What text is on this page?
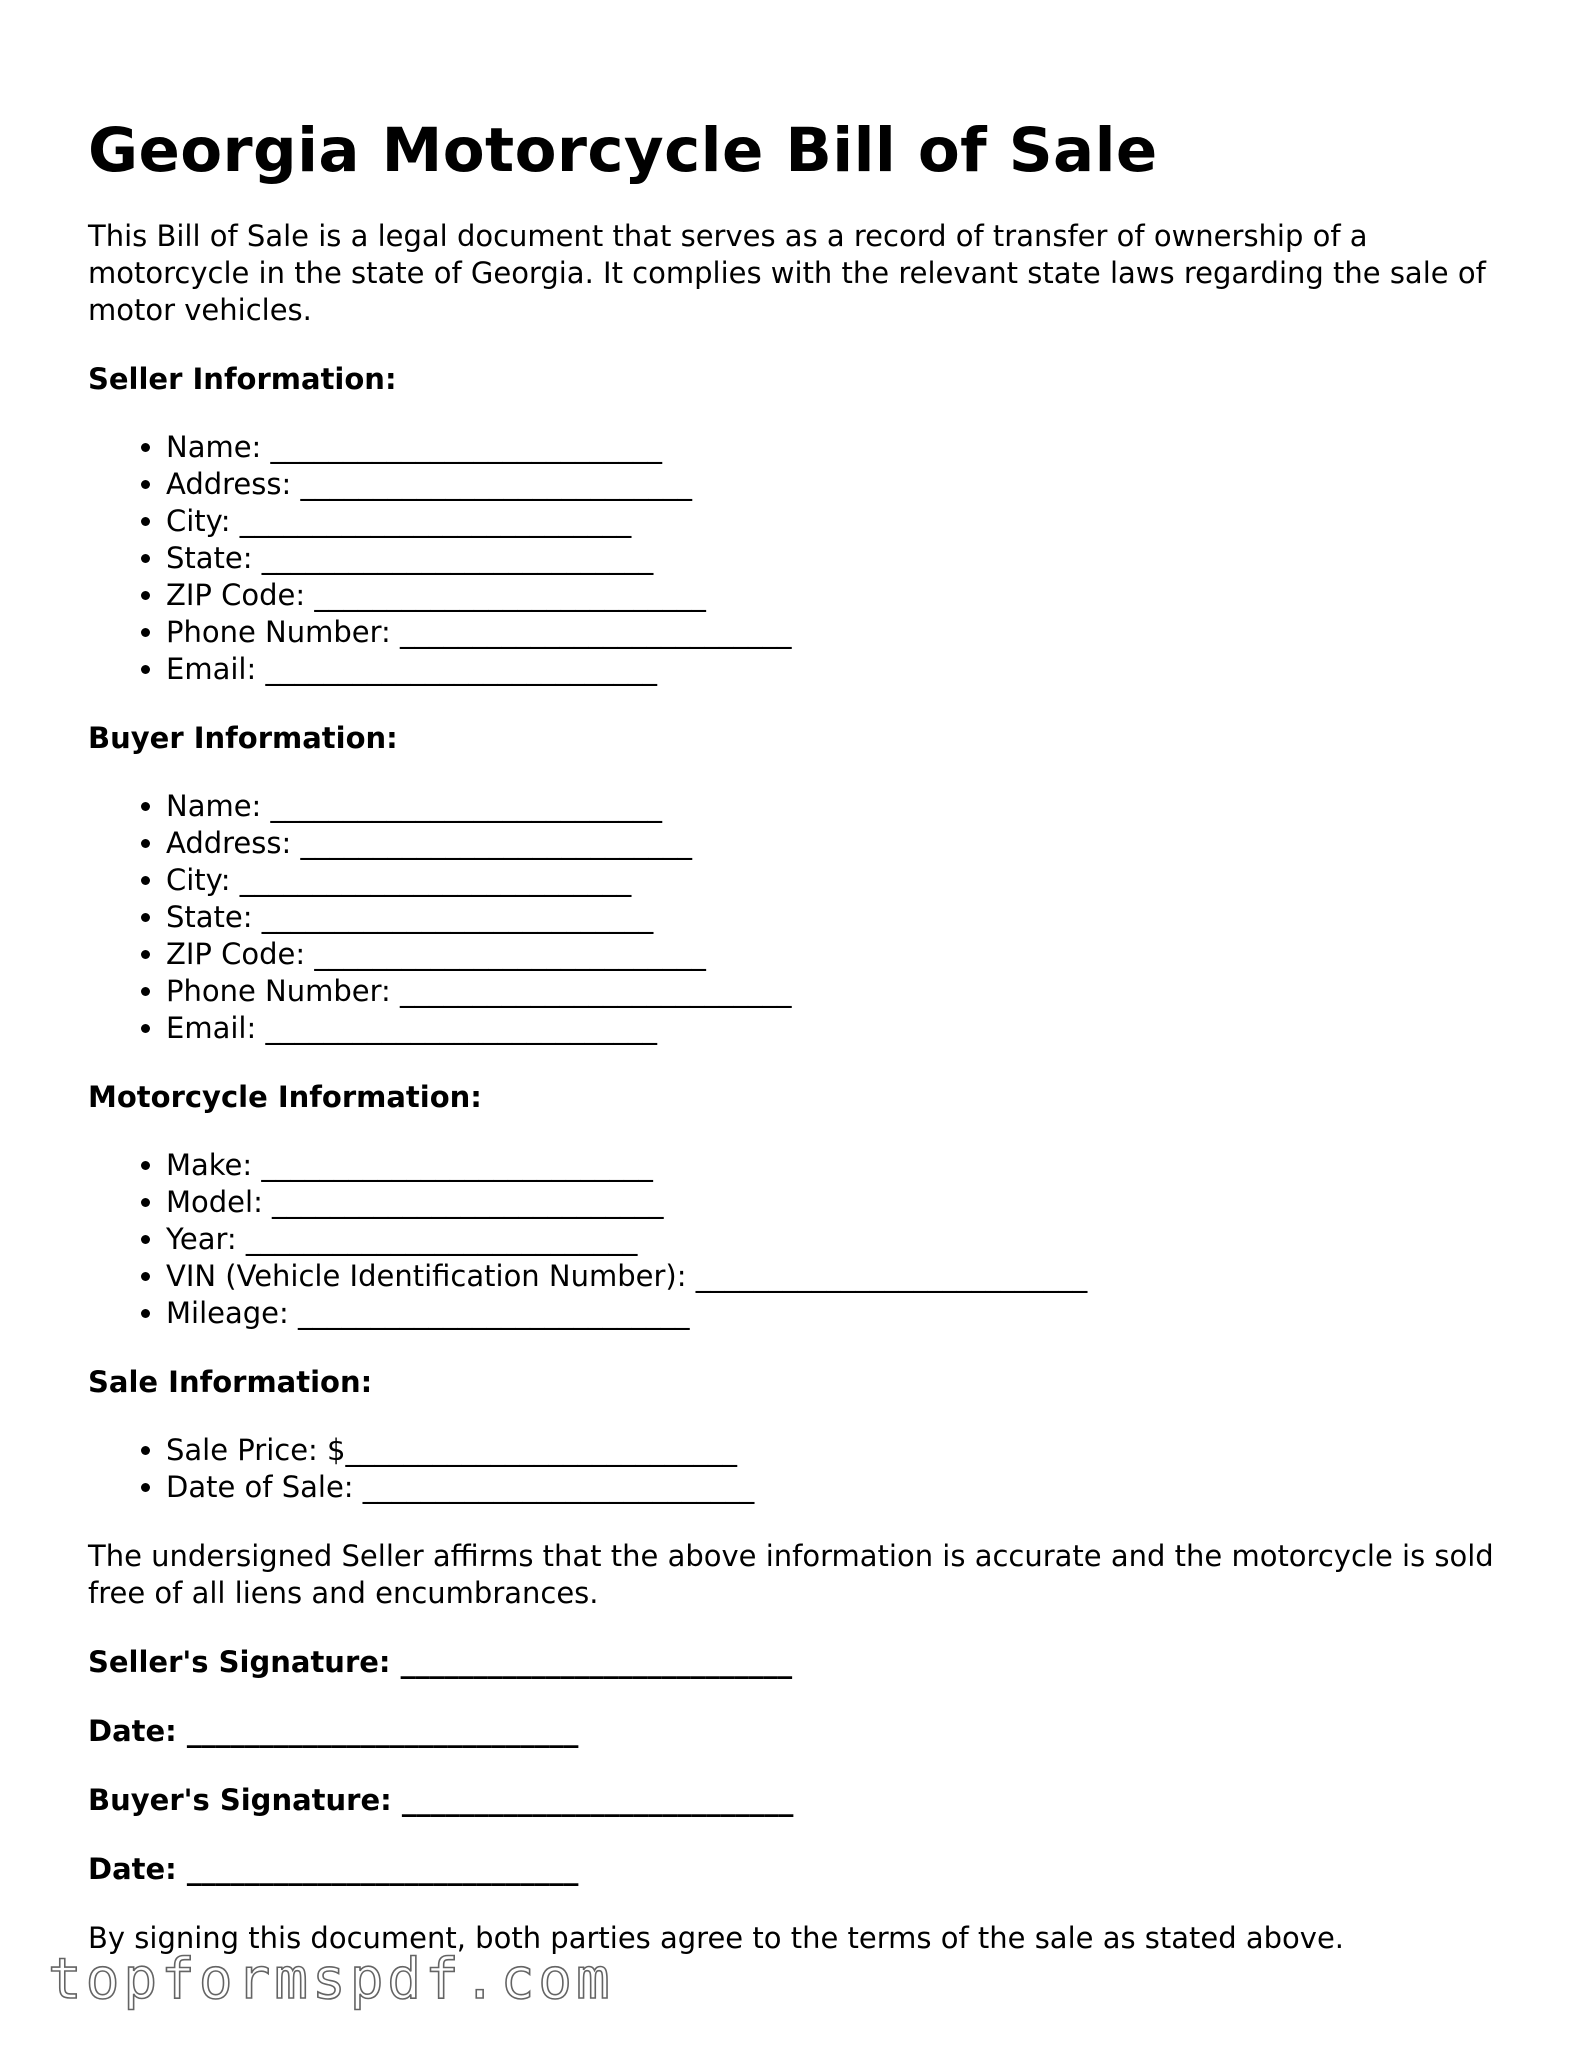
Georgia Motorcycle Bill of Sale

This Bill of Sale is a legal document that serves as a record of transfer of ownership of a motorcycle in the state of Georgia. It complies with the relevant state laws regarding the sale of motor vehicles.

Seller Information:
• Name: ___________________________
• Address: ___________________________
• City: ___________________________
• State: ___________________________
• ZIP Code: ___________________________
• Phone Number: ___________________________
• Email: ___________________________
Buyer Information:
• Name: ___________________________
• Address: ___________________________
• City: ___________________________
• State: ___________________________
• ZIP Code: ___________________________
• Phone Number: ___________________________
• Email: ___________________________
Motorcycle Information:
• Make: ___________________________
• Model: ___________________________
• Year: ___________________________
• VIN (Vehicle Identification Number): ___________________________
• Mileage: ___________________________
Sale Information:
• Sale Price: $___________________________
• Date of Sale: ___________________________

The undersigned Seller affirms that the above information is accurate and the motorcycle is sold free of all liens and encumbrances.

Seller's Signature: ___________________________
Date: ___________________________
Buyer's Signature: ___________________________
Date: ___________________________

By signing this document, both parties agree to the terms of the sale as stated above.

topformspdf.com
